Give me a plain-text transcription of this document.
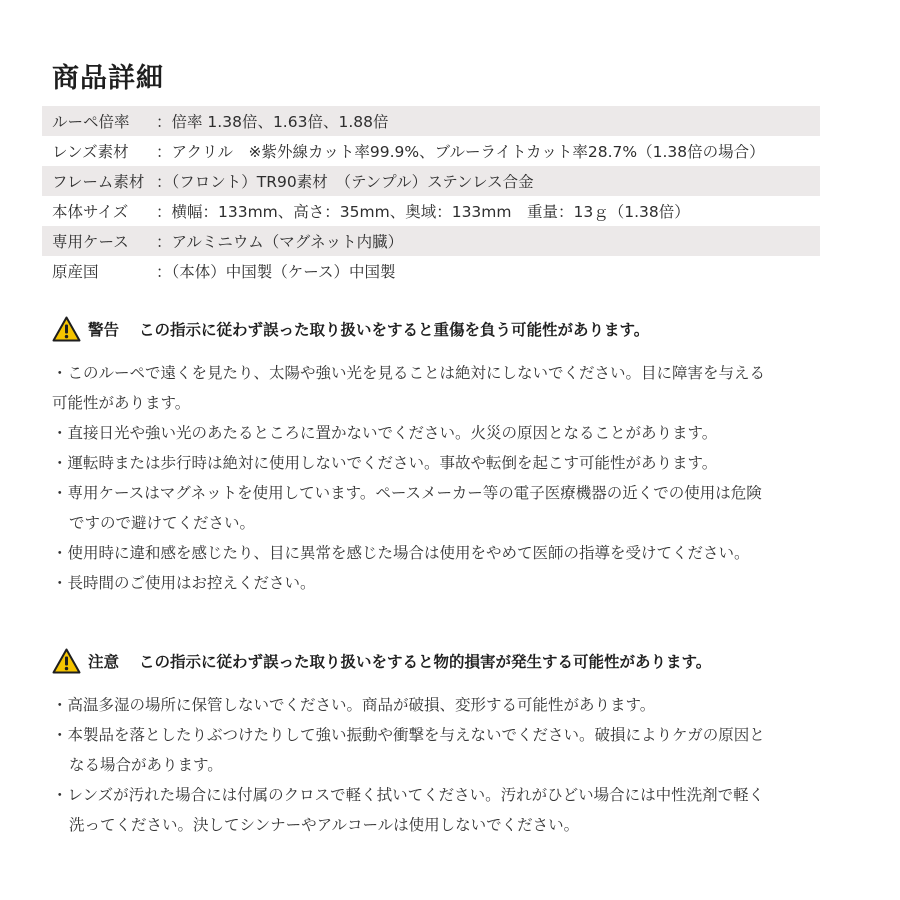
商品詳細
ルーペ倍率	：倍率 1.38倍、1.63倍、1.88倍
レンズ素材	：アクリル　※紫外線カット率99.9%、ブルーライトカット率28.7%（1.38倍の場合）
フレーム素材 ：（フロント）TR90素材　（テンプル）ステンレス合金
本体サイズ	：横幅：133mm、高さ：35mm、奥域：133mm　重量：13ｇ（1.38倍）
専用ケース	：アルミニウム（マグネット内臓）
原産国	：（本体）中国製（ケース）中国製
警告 この指示に従わず誤った取り扱いをすると重傷を負う可能性があります。
・このルーペで遠くを見たり、太陽や強い光を見ることは絶対にしないでください。目に障害を与える
可能性があります。
・直接日光や強い光のあたるところに置かないでください。火災の原因となることがあります。
・運転時または歩行時は絶対に使用しないでください。事故や転倒を起こす可能性があります。
・専用ケースはマグネットを使用しています。ペースメーカー等の電子医療機器の近くでの使用は危険
ですので避けてください。
・使用時に違和感を感じたり、目に異常を感じた場合は使用をやめて医師の指導を受けてください。
・長時間のご使用はお控えください。
注意 この指示に従わず誤った取り扱いをすると物的損害が発生する可能性があります。
・高温多湿の場所に保管しないでください。商品が破損、変形する可能性があります。
・本製品を落としたりぶつけたりして強い振動や衝撃を与えないでください。破損によりケガの原因と
なる場合があります。
・レンズが汚れた場合には付属のクロスで軽く拭いてください。汚れがひどい場合には中性洗剤で軽く
洗ってください。決してシンナーやアルコールは使用しないでください。
